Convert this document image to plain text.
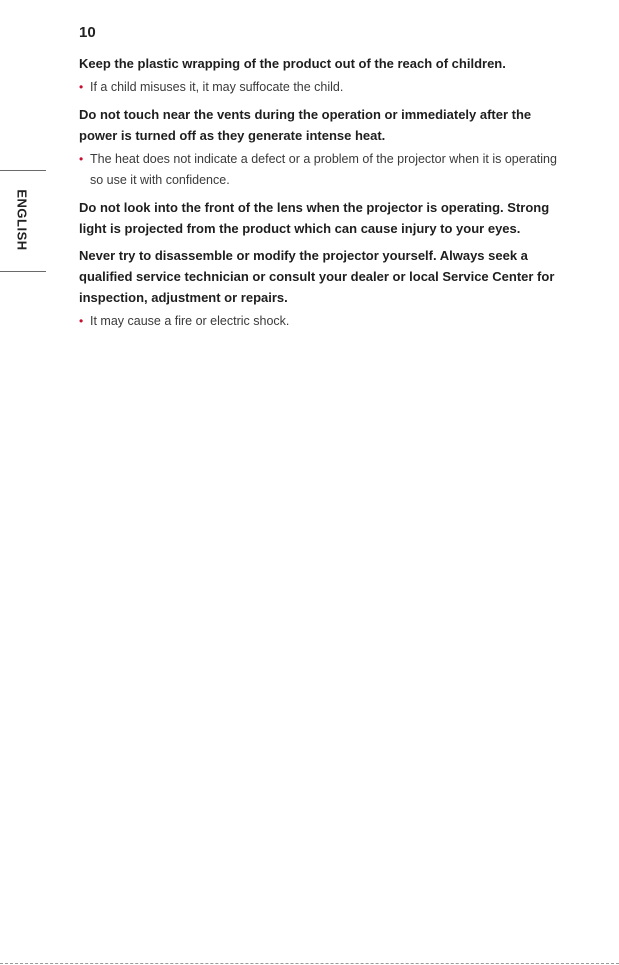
10
ENGLISH

Keep the plastic wrapping of the product out of the reach of children.

• If a child misuses it, it may suffocate the child.

Do not touch near the vents during the operation or immediately after the power is turned off as they generate intense heat.

• The heat does not indicate a defect or a problem of the projector when it is operating so use it with confidence.

Do not look into the front of the lens when the projector is operating. Strong light is projected from the product which can cause injury to your eyes.

Never try to disassemble or modify the projector yourself. Always seek a qualified service technician or consult your dealer or local Service Center for inspection, adjustment or repairs.

• It may cause a fire or electric shock.
